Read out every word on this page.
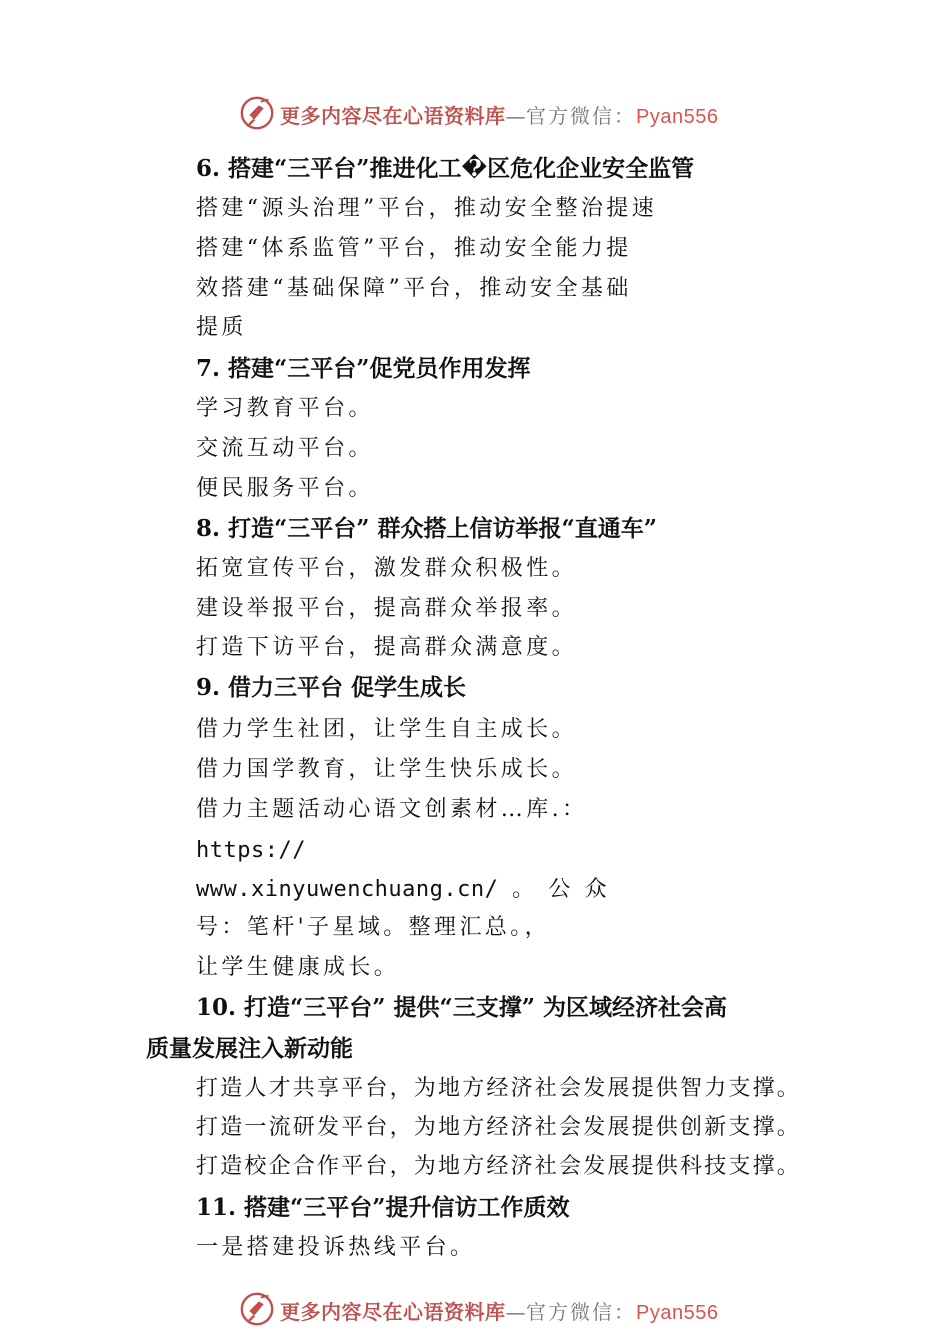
更多内容尽在心语资料库—官方微信：Pyan556
6. 搭建“三平台”推进化工�区危化企业安全监管
搭建“源头治理”平台，推动安全整治提速
搭建“体系监管”平台，推动安全能力提
效搭建“基础保障”平台，推动安全基础
提质
7. 搭建“三平台”促党员作用发挥
学习教育平台。
交流互动平台。
便民服务平台。
8. 打造“三平台” 群众搭上信访举报“直通车”
拓宽宣传平台，激发群众积极性。
建设举报平台，提高群众举报率。
打造下访平台，提高群众满意度。
9. 借力三平台 促学生成长
借力学生社团，让学生自主成长。
借力国学教育，让学生快乐成长。
借力主题活动心语文创素材…库.：
https://
www.xinyuwenchuang.cn/ 。 公 众
号：笔杆'子星域。整理汇总。，
让学生健康成长。
10. 打造“三平台” 提供“三支撑” 为区域经济社会高
质量发展注入新动能
打造人才共享平台，为地方经济社会发展提供智力支撑。
打造一流研发平台，为地方经济社会发展提供创新支撑。
打造校企合作平台，为地方经济社会发展提供科技支撑。
11. 搭建“三平台”提升信访工作质效
一是搭建投诉热线平台。
更多内容尽在心语资料库—官方微信：Pyan556
